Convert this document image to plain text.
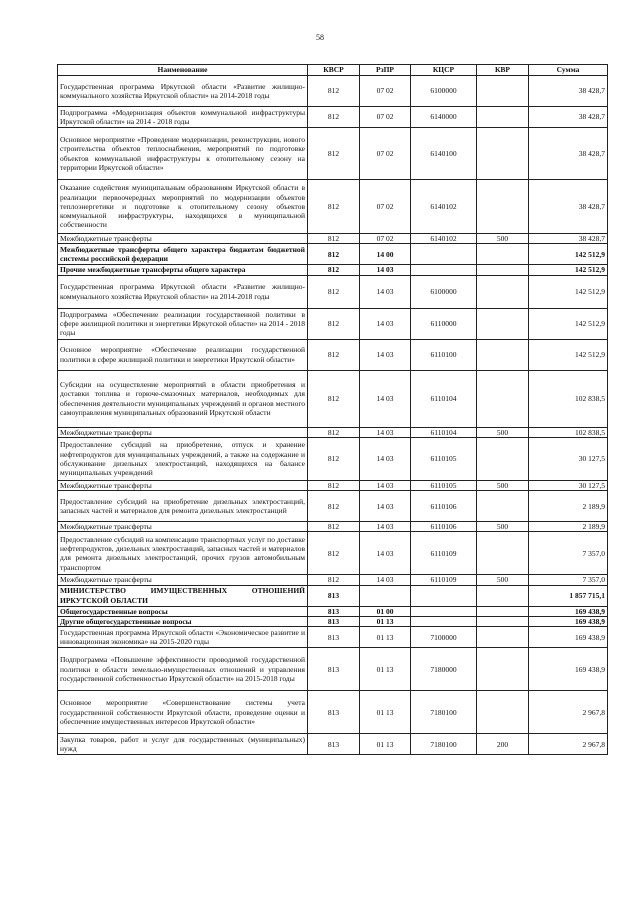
58
Наименование	КВСР	РзПР	КЦСР	КВР	Сумма
Государственная программа Иркутской области «Развитие жилищно-коммунального хозяйства Иркутской области» на 2014-2018 годы	812	07 02	6100000		38 428,7
Подпрограмма «Модернизация объектов коммунальной инфраструктуры Иркутской области» на 2014 - 2018 годы	812	07 02	6140000		38 428,7
Основное мероприятие «Проведение модернизации, реконструкции, нового строительства объектов теплоснабжения, мероприятий по подготовке объектов коммунальной инфраструктуры к отопительному сезону на территории Иркутской области»	812	07 02	6140100		38 428,7
Оказание содействия муниципальным образованиям Иркутской области в реализации первоочередных мероприятий по модернизации объектов теплоэнергетики и подготовке к отопительному сезону объектов коммунальной инфраструктуры, находящихся в муниципальной собственности	812	07 02	6140102		38 428,7
Межбюджетные трансферты	812	07 02	6140102	500	38 428,7
Межбюджетные трансферты общего характера бюджетам бюджетной системы российской федерации	812	14 00			142 512,9
Прочие межбюджетные трансферты общего характера	812	14 03			142 512,9
Государственная программа Иркутской области «Развитие жилищно-коммунального хозяйства Иркутской области» на 2014-2018 годы	812	14 03	6100000		142 512,9
Подпрограмма «Обеспечение реализации государственной политики в сфере жилищной политики и энергетики Иркутской области» на 2014 - 2018 годы	812	14 03	6110000		142 512,9
Основное мероприятие «Обеспечение реализации государственной политики в сфере жилищной политики и энергетики Иркутской области»	812	14 03	6110100		142 512,9
Субсидии на осуществление мероприятий в области приобретения и доставки топлива и горюче-смазочных материалов, необходимых для обеспечения деятельности муниципальных учреждений и органов местного самоуправления муниципальных образований Иркутской области	812	14 03	6110104		102 838,5
Межбюджетные трансферты	812	14 03	6110104	500	102 838,5
Предоставление субсидий на приобретение, отпуск и хранение нефтепродуктов для муниципальных учреждений, а также на содержание и обслуживание дизельных электростанций, находящихся на балансе муниципальных учреждений	812	14 03	6110105		30 127,5
Межбюджетные трансферты	812	14 03	6110105	500	30 127,5
Предоставление субсидий на приобретение дизельных электростанций, запасных частей и материалов для ремонта дизельных электростанций	812	14 03	6110106		2 189,9
Межбюджетные трансферты	812	14 03	6110106	500	2 189,9
Предоставление субсидий на компенсацию транспортных услуг по доставке нефтепродуктов, дизельных электростанций, запасных частей и материалов для ремонта дизельных электростанций, прочих грузов автомобильным транспортом	812	14 03	6110109		7 357,0
Межбюджетные трансферты	812	14 03	6110109	500	7 357,0
МИНИСТЕРСТВО ИМУЩЕСТВЕННЫХ ОТНОШЕНИЙ ИРКУТСКОЙ ОБЛАСТИ	813				1 857 715,1
Общегосударственные вопросы	813	01 00			169 438,9
Другие общегосударственные вопросы	813	01 13			169 438,9
Государственная программа Иркутской области «Экономическое развитие и инновационная экономика» на 2015-2020 годы	813	01 13	7100000		169 438,9
Подпрограмма «Повышение эффективности проводимой государственной политики в области земельно-имущественных отношений и управления государственной собственностью Иркутской области» на 2015-2018 годы	813	01 13	7180000		169 438,9
Основное мероприятие «Совершенствование системы учета государственной собственности Иркутской области, проведение оценки и обеспечение имущественных интересов Иркутской области»	813	01 13	7180100		2 967,8
Закупка товаров, работ и услуг для государственных (муниципальных) нужд	813	01 13	7180100	200	2 967,8
